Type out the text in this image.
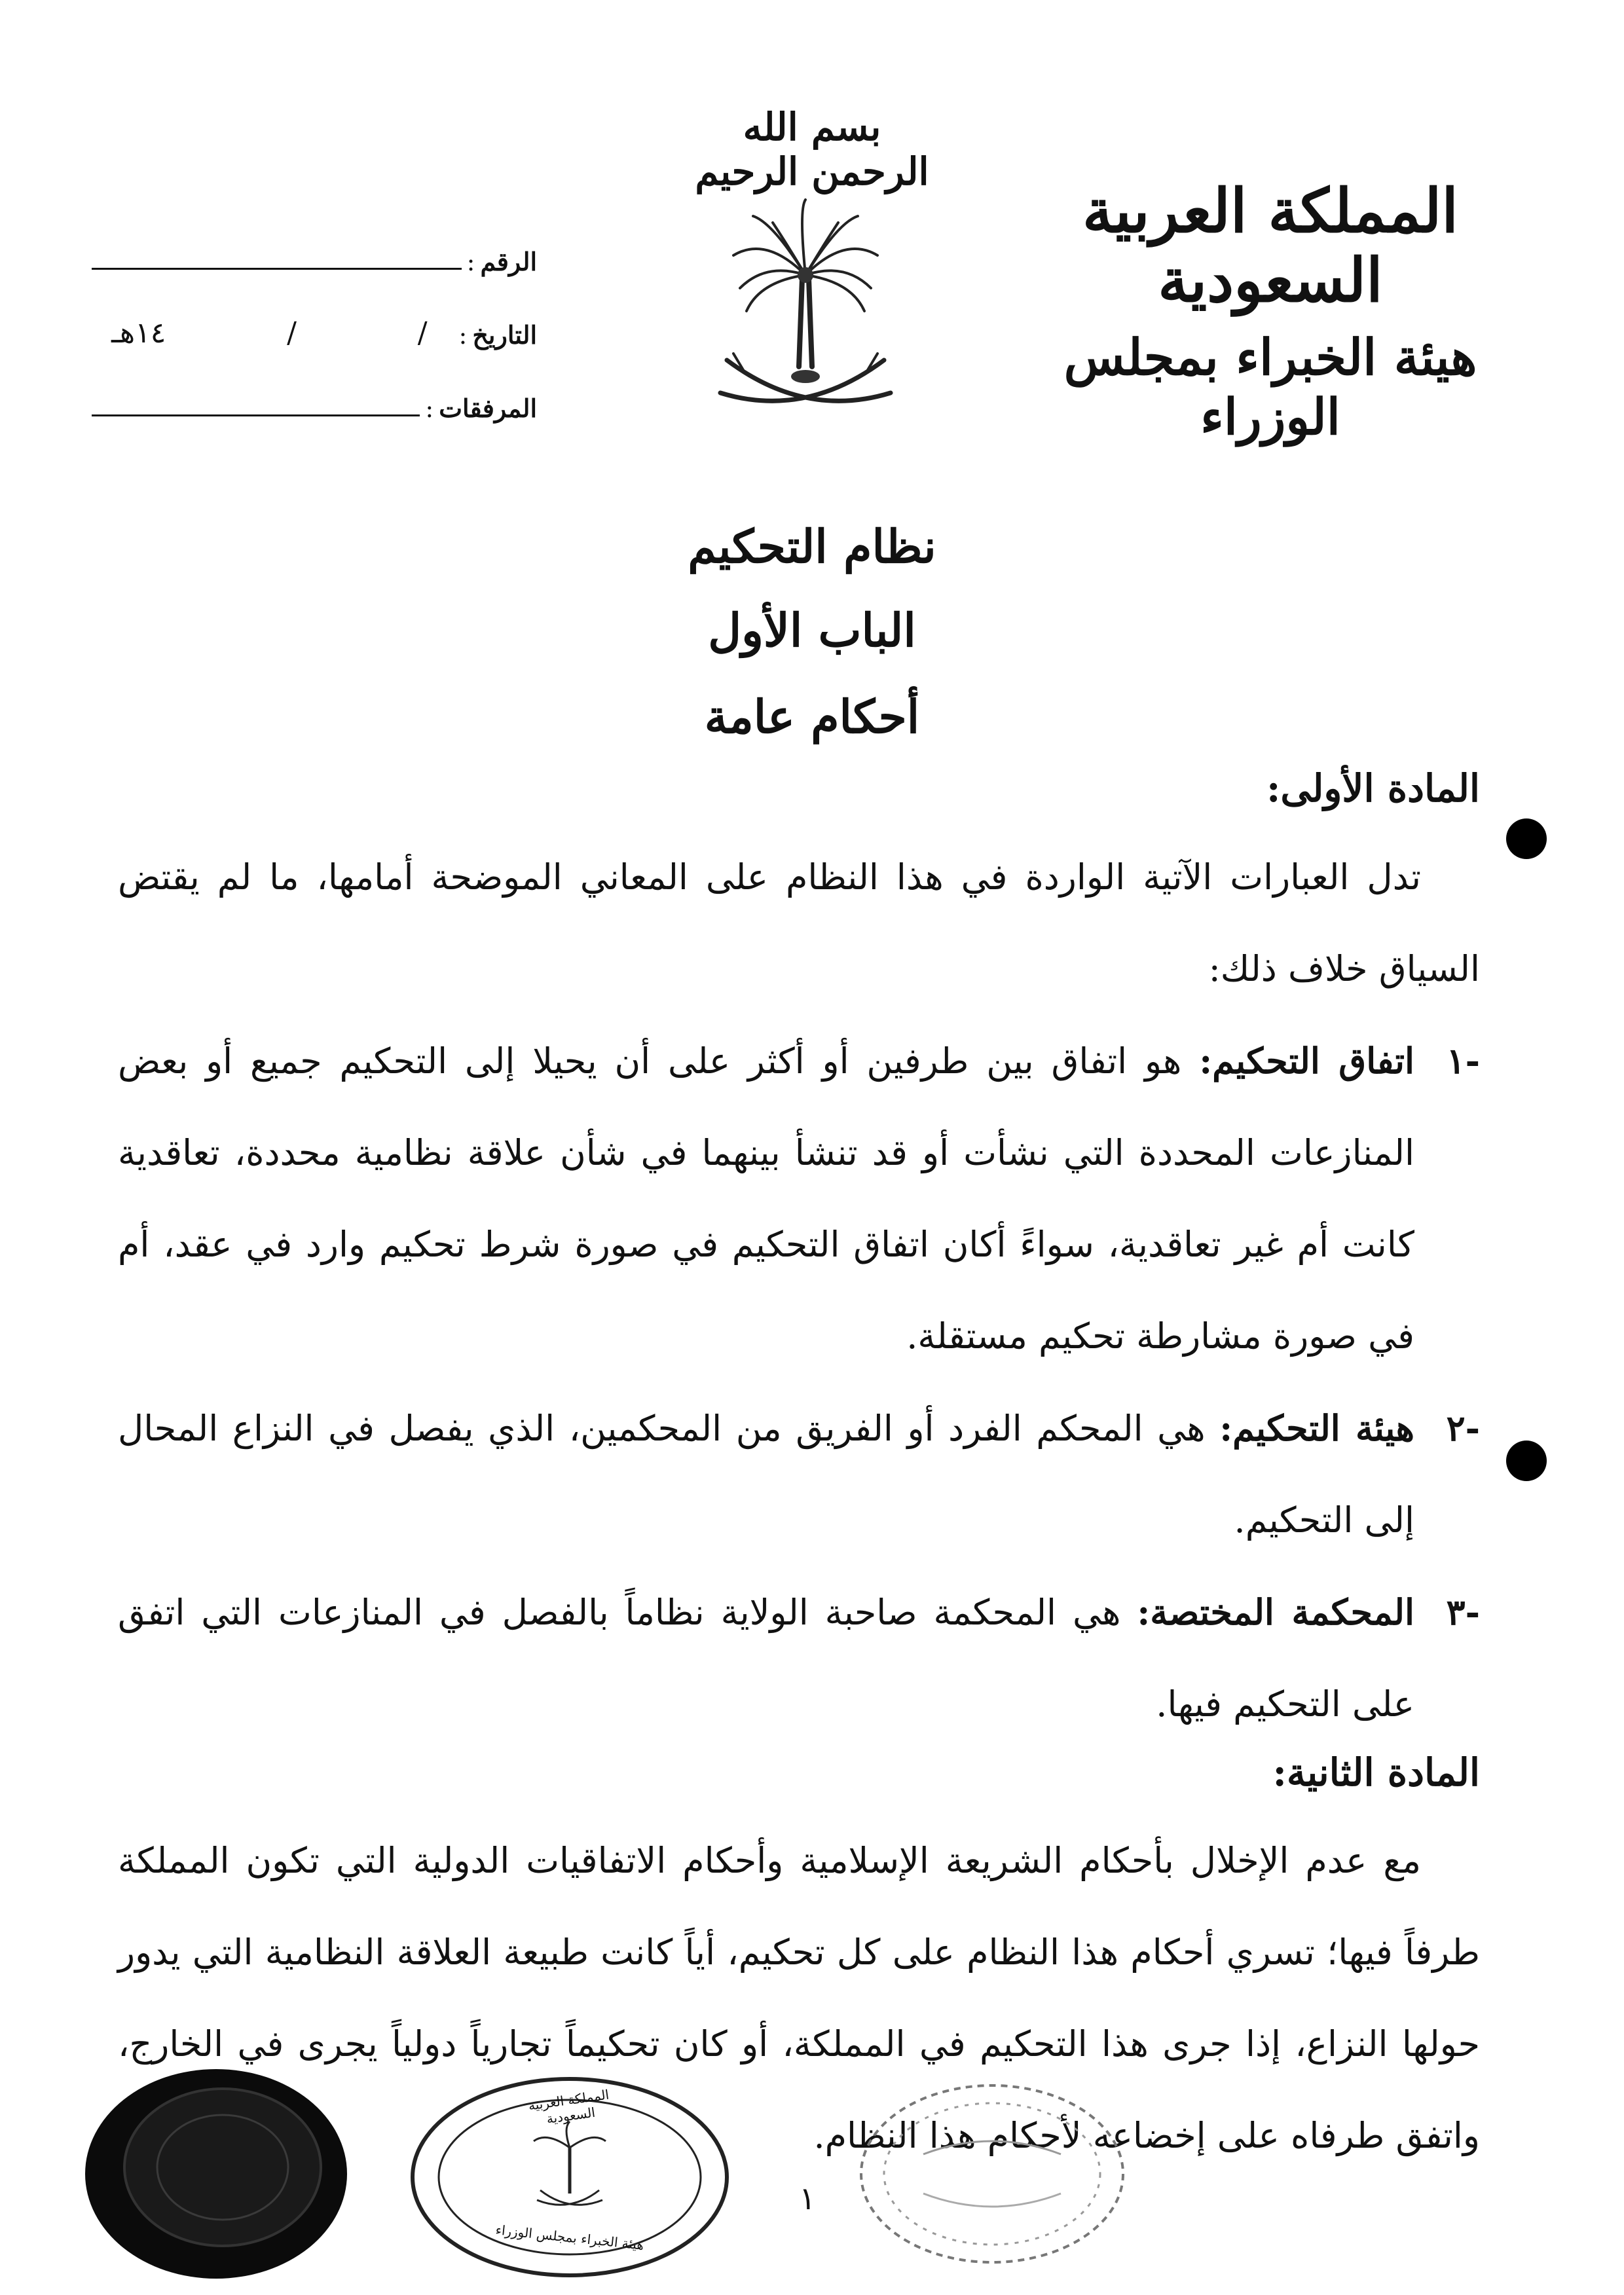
المملكة العربية السعودية
هيئة الخبراء بمجلس الوزراء
بسم الله الرحمن الرحيم
الرقم
:
التاريخ
:
/
/
١٤هـ
المرفقات
:
نظام التحكيم
الباب الأول
أحكام عامة
المادة الأولى:

تدل العبارات الآتية الواردة في هذا النظام على المعاني الموضحة أمامها، ما لم يقتض السياق خلاف ذلك:

-١
اتفاق التحكيم: هو اتفاق بين طرفين أو أكثر على أن يحيلا إلى التحكيم جميع أو بعض المنازعات المحددة التي نشأت أو قد تنشأ بينهما في شأن علاقة نظامية محددة، تعاقدية كانت أم غير تعاقدية، سواءً أكان اتفاق التحكيم في صورة شرط تحكيم وارد في عقد، أم في صورة مشارطة تحكيم مستقلة.
-٢
هيئة التحكيم: هي المحكم الفرد أو الفريق من المحكمين، الذي يفصل في النزاع المحال إلى التحكيم.
-٣
المحكمة المختصة: هي المحكمة صاحبة الولاية نظاماً بالفصل في المنازعات التي اتفق على التحكيم فيها.
المادة الثانية:

مع عدم الإخلال بأحكام الشريعة الإسلامية وأحكام الاتفاقيات الدولية التي تكون المملكة طرفاً فيها؛ تسري أحكام هذا النظام على كل تحكيم، أياً كانت طبيعة العلاقة النظامية التي يدور حولها النزاع، إذا جرى هذا التحكيم في المملكة، أو كان تحكيماً تجارياً دولياً يجرى في الخارج، واتفق طرفاه على إخضاعه لأحكام هذا النظام.

المملكة العربية السعودية
هيئة الخبراء بمجلس الوزراء
١
